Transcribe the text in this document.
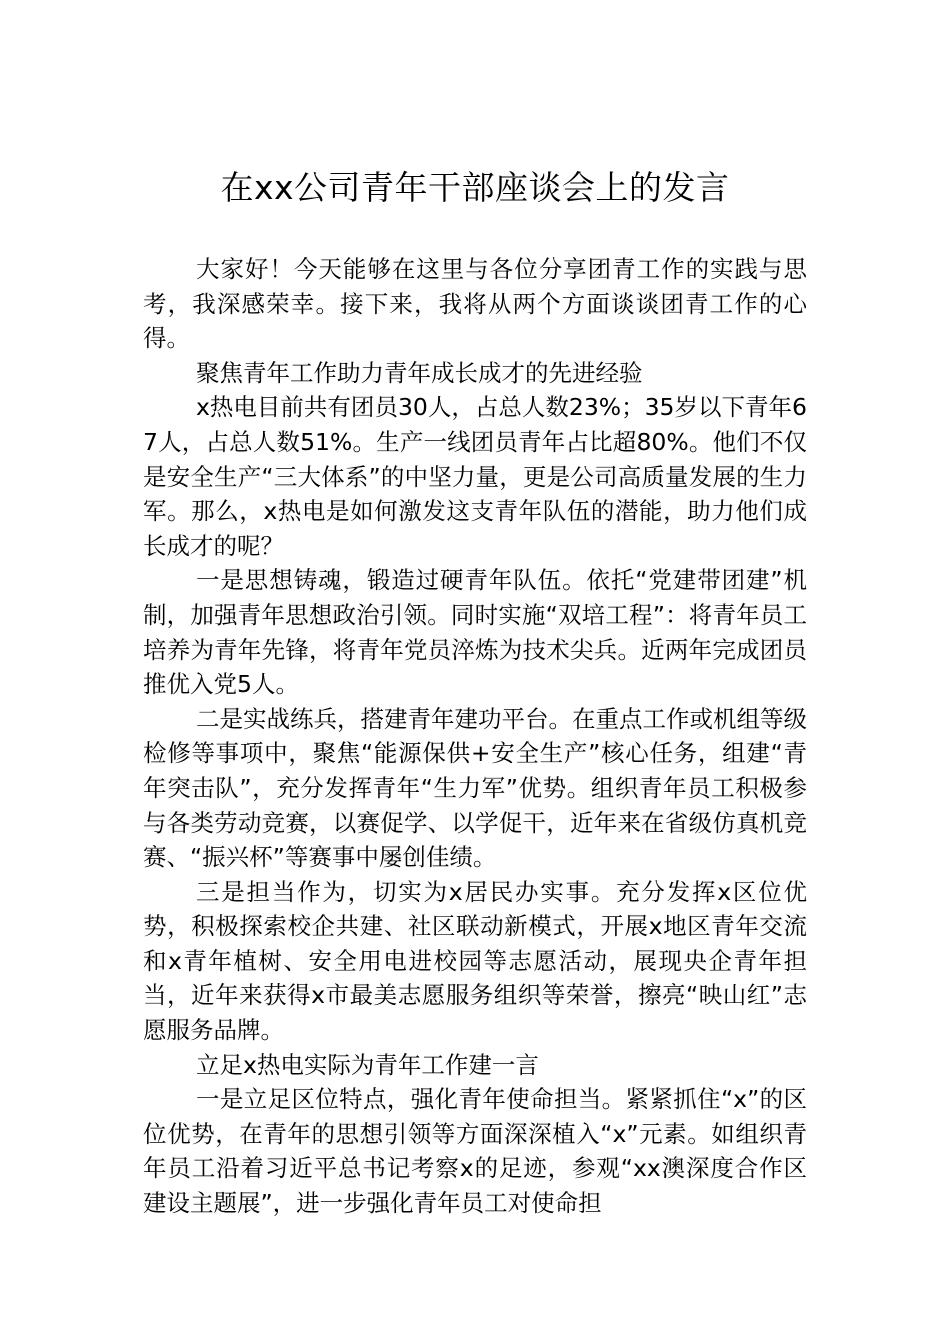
在xx公司青年干部座谈会上的发言

大家好！今天能够在这里与各位分享团青工作的实践与思考，我深感荣幸。接下来，我将从两个方面谈谈团青工作的心得。

聚焦青年工作助力青年成长成才的先进经验

x热电目前共有团员30人，占总人数23%；35岁以下青年67人，占总人数51%。生产一线团员青年占比超80%。他们不仅是安全生产“三大体系”的中坚力量，更是公司高质量发展的生力军。那么，x热电是如何激发这支青年队伍的潜能，助力他们成长成才的呢？

一是思想铸魂，锻造过硬青年队伍。依托“党建带团建”机制，加强青年思想政治引领。同时实施“双培工程”：将青年员工培养为青年先锋，将青年党员淬炼为技术尖兵。近两年完成团员推优入党5人。

二是实战练兵，搭建青年建功平台。在重点工作或机组等级检修等事项中，聚焦“能源保供+安全生产”核心任务，组建“青年突击队”，充分发挥青年“生力军”优势。组织青年员工积极参与各类劳动竞赛，以赛促学、以学促干，近年来在省级仿真机竞赛、“振兴杯”等赛事中屡创佳绩。

三是担当作为，切实为x居民办实事。充分发挥x区位优势，积极探索校企共建、社区联动新模式，开展x地区青年交流和x青年植树、安全用电进校园等志愿活动，展现央企青年担当，近年来获得x市最美志愿服务组织等荣誉，擦亮“映山红”志愿服务品牌。

立足x热电实际为青年工作建一言

一是立足区位特点，强化青年使命担当。紧紧抓住“x”的区位优势，在青年的思想引领等方面深深植入“x”元素。如组织青年员工沿着习近平总书记考察x的足迹，参观“xx澳深度合作区建设主题展”，进一步强化青年员工对使命担
